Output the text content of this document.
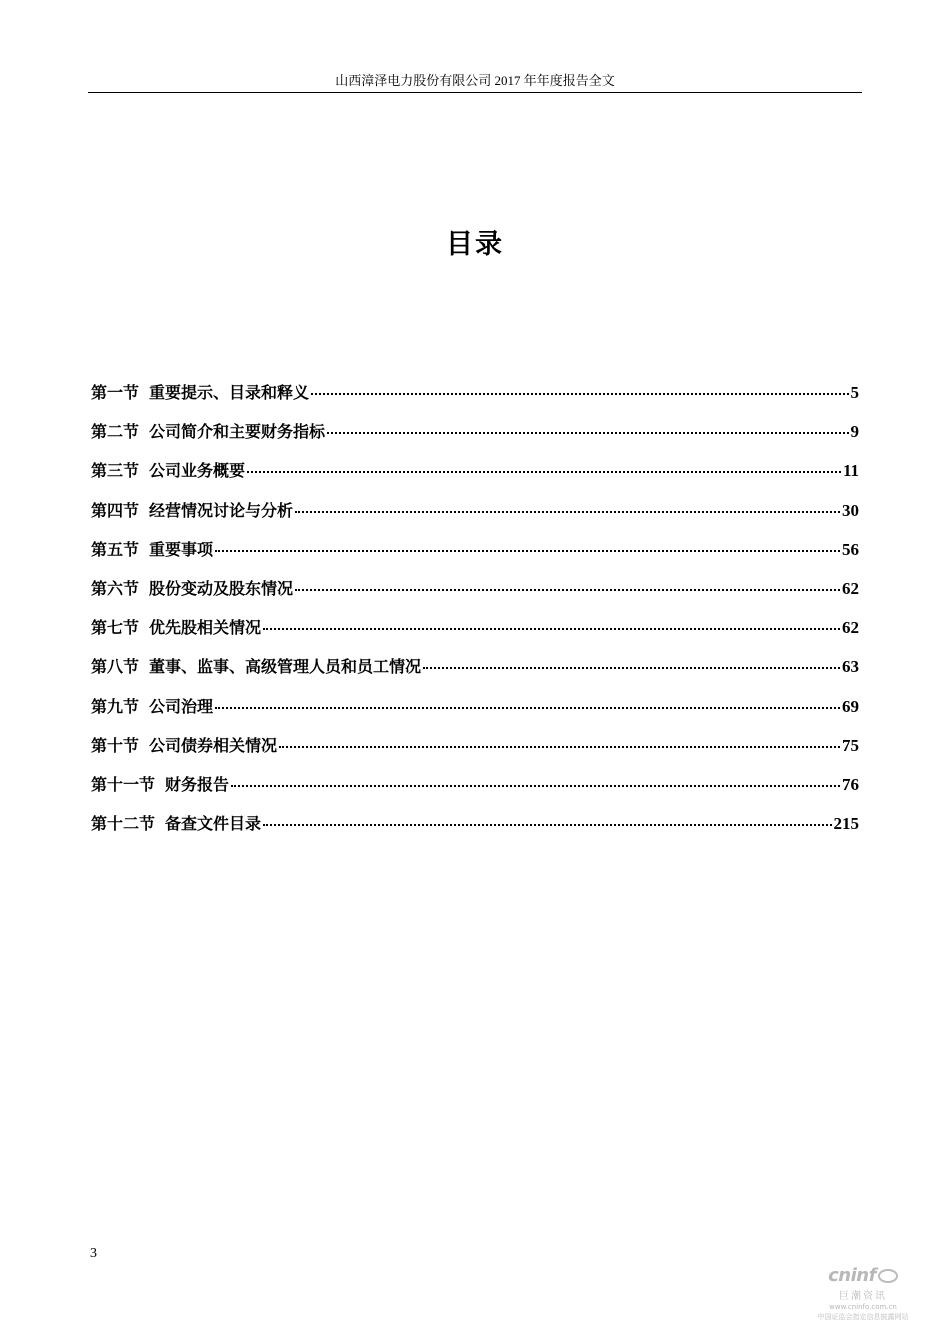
山西漳泽电力股份有限公司 2017 年年度报告全文
目录
第一节 重要提示、目录和释义	5
第二节 公司简介和主要财务指标	9
第三节 公司业务概要	11
第四节 经营情况讨论与分析	30
第五节 重要事项	56
第六节 股份变动及股东情况	62
第七节 优先股相关情况	62
第八节 董事、监事、高级管理人员和员工情况	63
第九节 公司治理	69
第十节 公司债券相关情况	75
第十一节 财务报告	76
第十二节 备查文件目录	215
3
cninf
巨潮资讯
www.cninfo.com.cn
中国证监会指定信息披露网站
